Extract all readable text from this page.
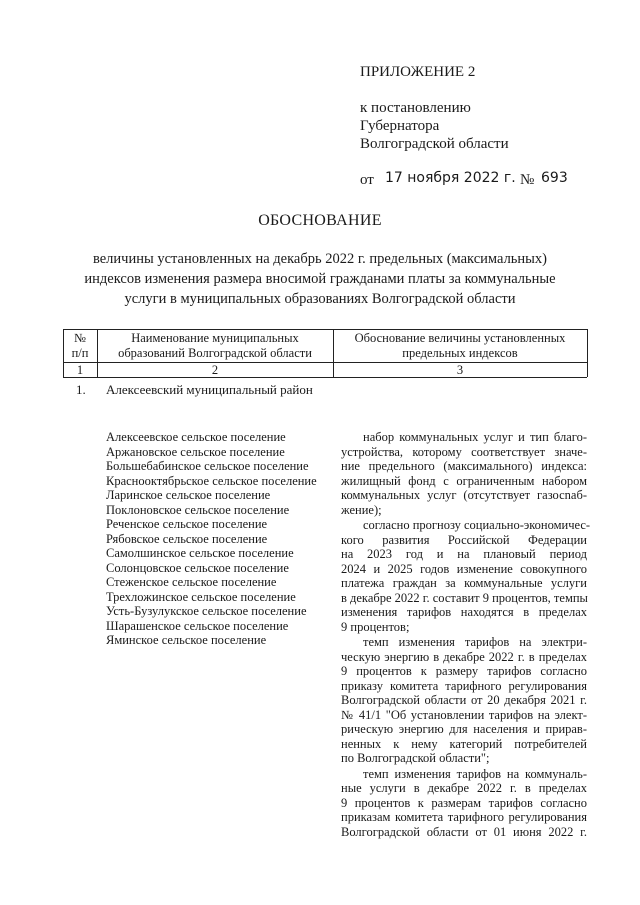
ПРИЛОЖЕНИЕ 2
к постановлению
Губернатора
Волгоградской области
от 17 ноября 2022 г. № 693
ОБОСНОВАНИЕ
величины установленных на декабрь 2022 г. предельных (максимальных)
индексов изменения размера вносимой гражданами платы за коммунальные
услуги в муниципальных образованиях Волгоградской области
№
п/п
Наименование муниципальных
образований Волгоградской области
Обоснование величины установленных
предельных индексов
1	2	3
1. Алексеевский муниципальный район
Алексеевское сельское поселение
Аржановское сельское поселение
Большебабинское сельское поселение
Краснооктябрьское сельское поселение
Ларинское сельское поселение
Поклоновское сельское поселение
Реченское сельское поселение
Рябовское сельское поселение
Самолшинское сельское поселение
Солонцовское сельское поселение
Стеженское сельское поселение
Трехложинское сельское поселение
Усть-Бузулукское сельское поселение
Шарашенское сельское поселение
Яминское сельское поселение
набор коммунальных услуг и тип благо-
устройства, которому соответствует значе-
ние предельного (максимального) индекса:
жилищный фонд с ограниченным набором
коммунальных услуг (отсутствует газосnаб-
жение);
согласно прогнозу социально-экономичес-
кого развития Российской Федерации
на 2023 год и на плановый период
2024 и 2025 годов изменение совокупного
платежа граждан за коммунальные услуги
в декабре 2022 г. составит 9 процентов, темпы
изменения тарифов находятся в пределах
9 процентов;
темп изменения тарифов на электри-
ческую энергию в декабре 2022 г. в пределах
9 процентов к размеру тарифов согласно
приказу комитета тарифного регулирования
Волгоградской области от 20 декабря 2021 г.
№ 41/1 "Об установлении тарифов на элект-
рическую энергию для населения и прирав-
ненных к нему категорий потребителей
по Волгоградской области";
темп изменения тарифов на коммуналь-
ные услуги в декабре 2022 г. в пределах
9 процентов к размерам тарифов согласно
приказам комитета тарифного регулирования
Волгоградской области от 01 июня 2022 г.
